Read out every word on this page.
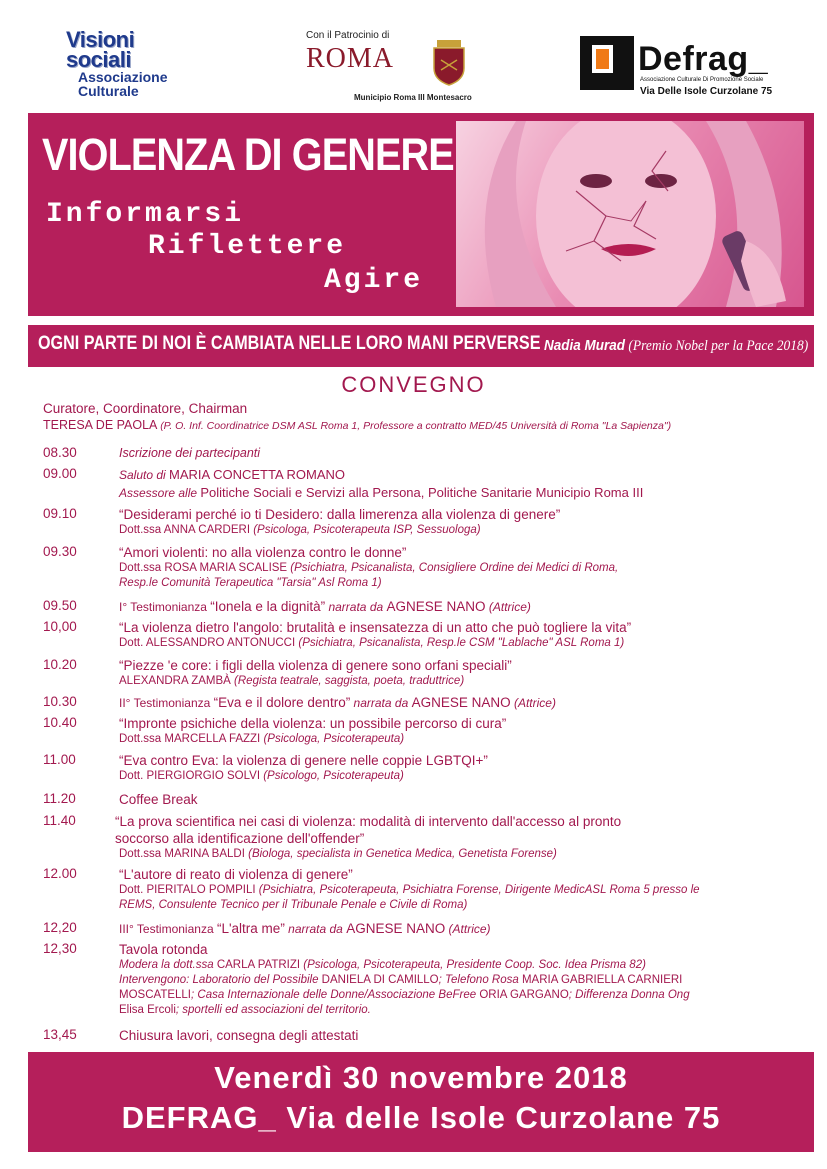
Visioni
sociali
Associazione
Culturale
Con il Patrocinio di
ROMA
Municipio Roma III Montesacro
Defrag_
Associazione Culturale Di Promozione Sociale
Via Delle Isole Curzolane 75
VIOLENZA DI GENERE
Informarsi
Riflettere
Agire
OGNI PARTE DI NOI È CAMBIATA NELLE LORO MANI PERVERSE Nadia Murad (Premio Nobel per la Pace 2018)
CONVEGNO
Curatore, Coordinatore, Chairman
TERESA DE PAOLA (P. O. Inf. Coordinatrice DSM ASL Roma 1, Professore a contratto MED/45 Università di Roma "La Sapienza")
08.30	Iscrizione dei partecipanti
09.00	Saluto di MARIA CONCETTA ROMANO
Assessore alle Politiche Sociali e Servizi alla Persona, Politiche Sanitarie Municipio Roma III
09.10	“Desiderami perché io ti Desidero: dalla limerenza alla violenza di genere”
Dott.ssa ANNA CARDERI (Psicologa, Psicoterapeuta ISP, Sessuologa)
09.30	“Amori violenti: no alla violenza contro le donne”
Dott.ssa ROSA MARIA SCALISE (Psichiatra, Psicanalista, Consigliere Ordine dei Medici di Roma,
Resp.le Comunità Terapeutica "Tarsia" Asl Roma 1)
09.50	I° Testimonianza “Ionela e la dignità” narrata da AGNESE NANO (Attrice)
10,00	“La violenza dietro l'angolo: brutalità e insensatezza di un atto che può togliere la vita”
Dott. ALESSANDRO ANTONUCCI (Psichiatra, Psicanalista, Resp.le CSM "Lablache" ASL Roma 1)
10.20	“Piezze 'e core: i figli della violenza di genere sono orfani speciali”
ALEXANDRA ZAMBÀ (Regista teatrale, saggista, poeta, traduttrice)
10.30	II° Testimonianza “Eva e il dolore dentro” narrata da AGNESE NANO (Attrice)
10.40	“Impronte psichiche della violenza: un possibile percorso di cura”
Dott.ssa MARCELLA FAZZI (Psicologa, Psicoterapeuta)
11.00	“Eva contro Eva: la violenza di genere nelle coppie LGBTQI+”
Dott. PIERGIORGIO SOLVI (Psicologo, Psicoterapeuta)
11.20	Coffee Break
11.40	“La prova scientifica nei casi di violenza: modalità di intervento dall'accesso al pronto
soccorso alla identificazione dell'offender”
Dott.ssa MARINA BALDI (Biologa, specialista in Genetica Medica, Genetista Forense)
12.00	“L'autore di reato di violenza di genere”
Dott. PIERITALO POMPILI (Psichiatra, Psicoterapeuta, Psichiatra Forense, Dirigente MedicASL Roma 5 presso le
REMS, Consulente Tecnico per il Tribunale Penale e Civile di Roma)
12,20	III° Testimonianza “L'altra me” narrata da AGNESE NANO (Attrice)
12,30	Tavola rotonda
Modera la dott.ssa CARLA PATRIZI (Psicologa, Psicoterapeuta, Presidente Coop. Soc. Idea Prisma 82)
Intervengono: Laboratorio del Possibile DANIELA DI CAMILLO; Telefono Rosa MARIA GABRIELLA CARNIERI
MOSCATELLI; Casa Internazionale delle Donne/Associazione BeFree ORIA GARGANO; Differenza Donna Ong
Elisa Ercoli; sportelli ed associazioni del territorio.
13,45	Chiusura lavori, consegna degli attestati
Venerdì 30 novembre 2018
DEFRAG_ Via delle Isole Curzolane 75
